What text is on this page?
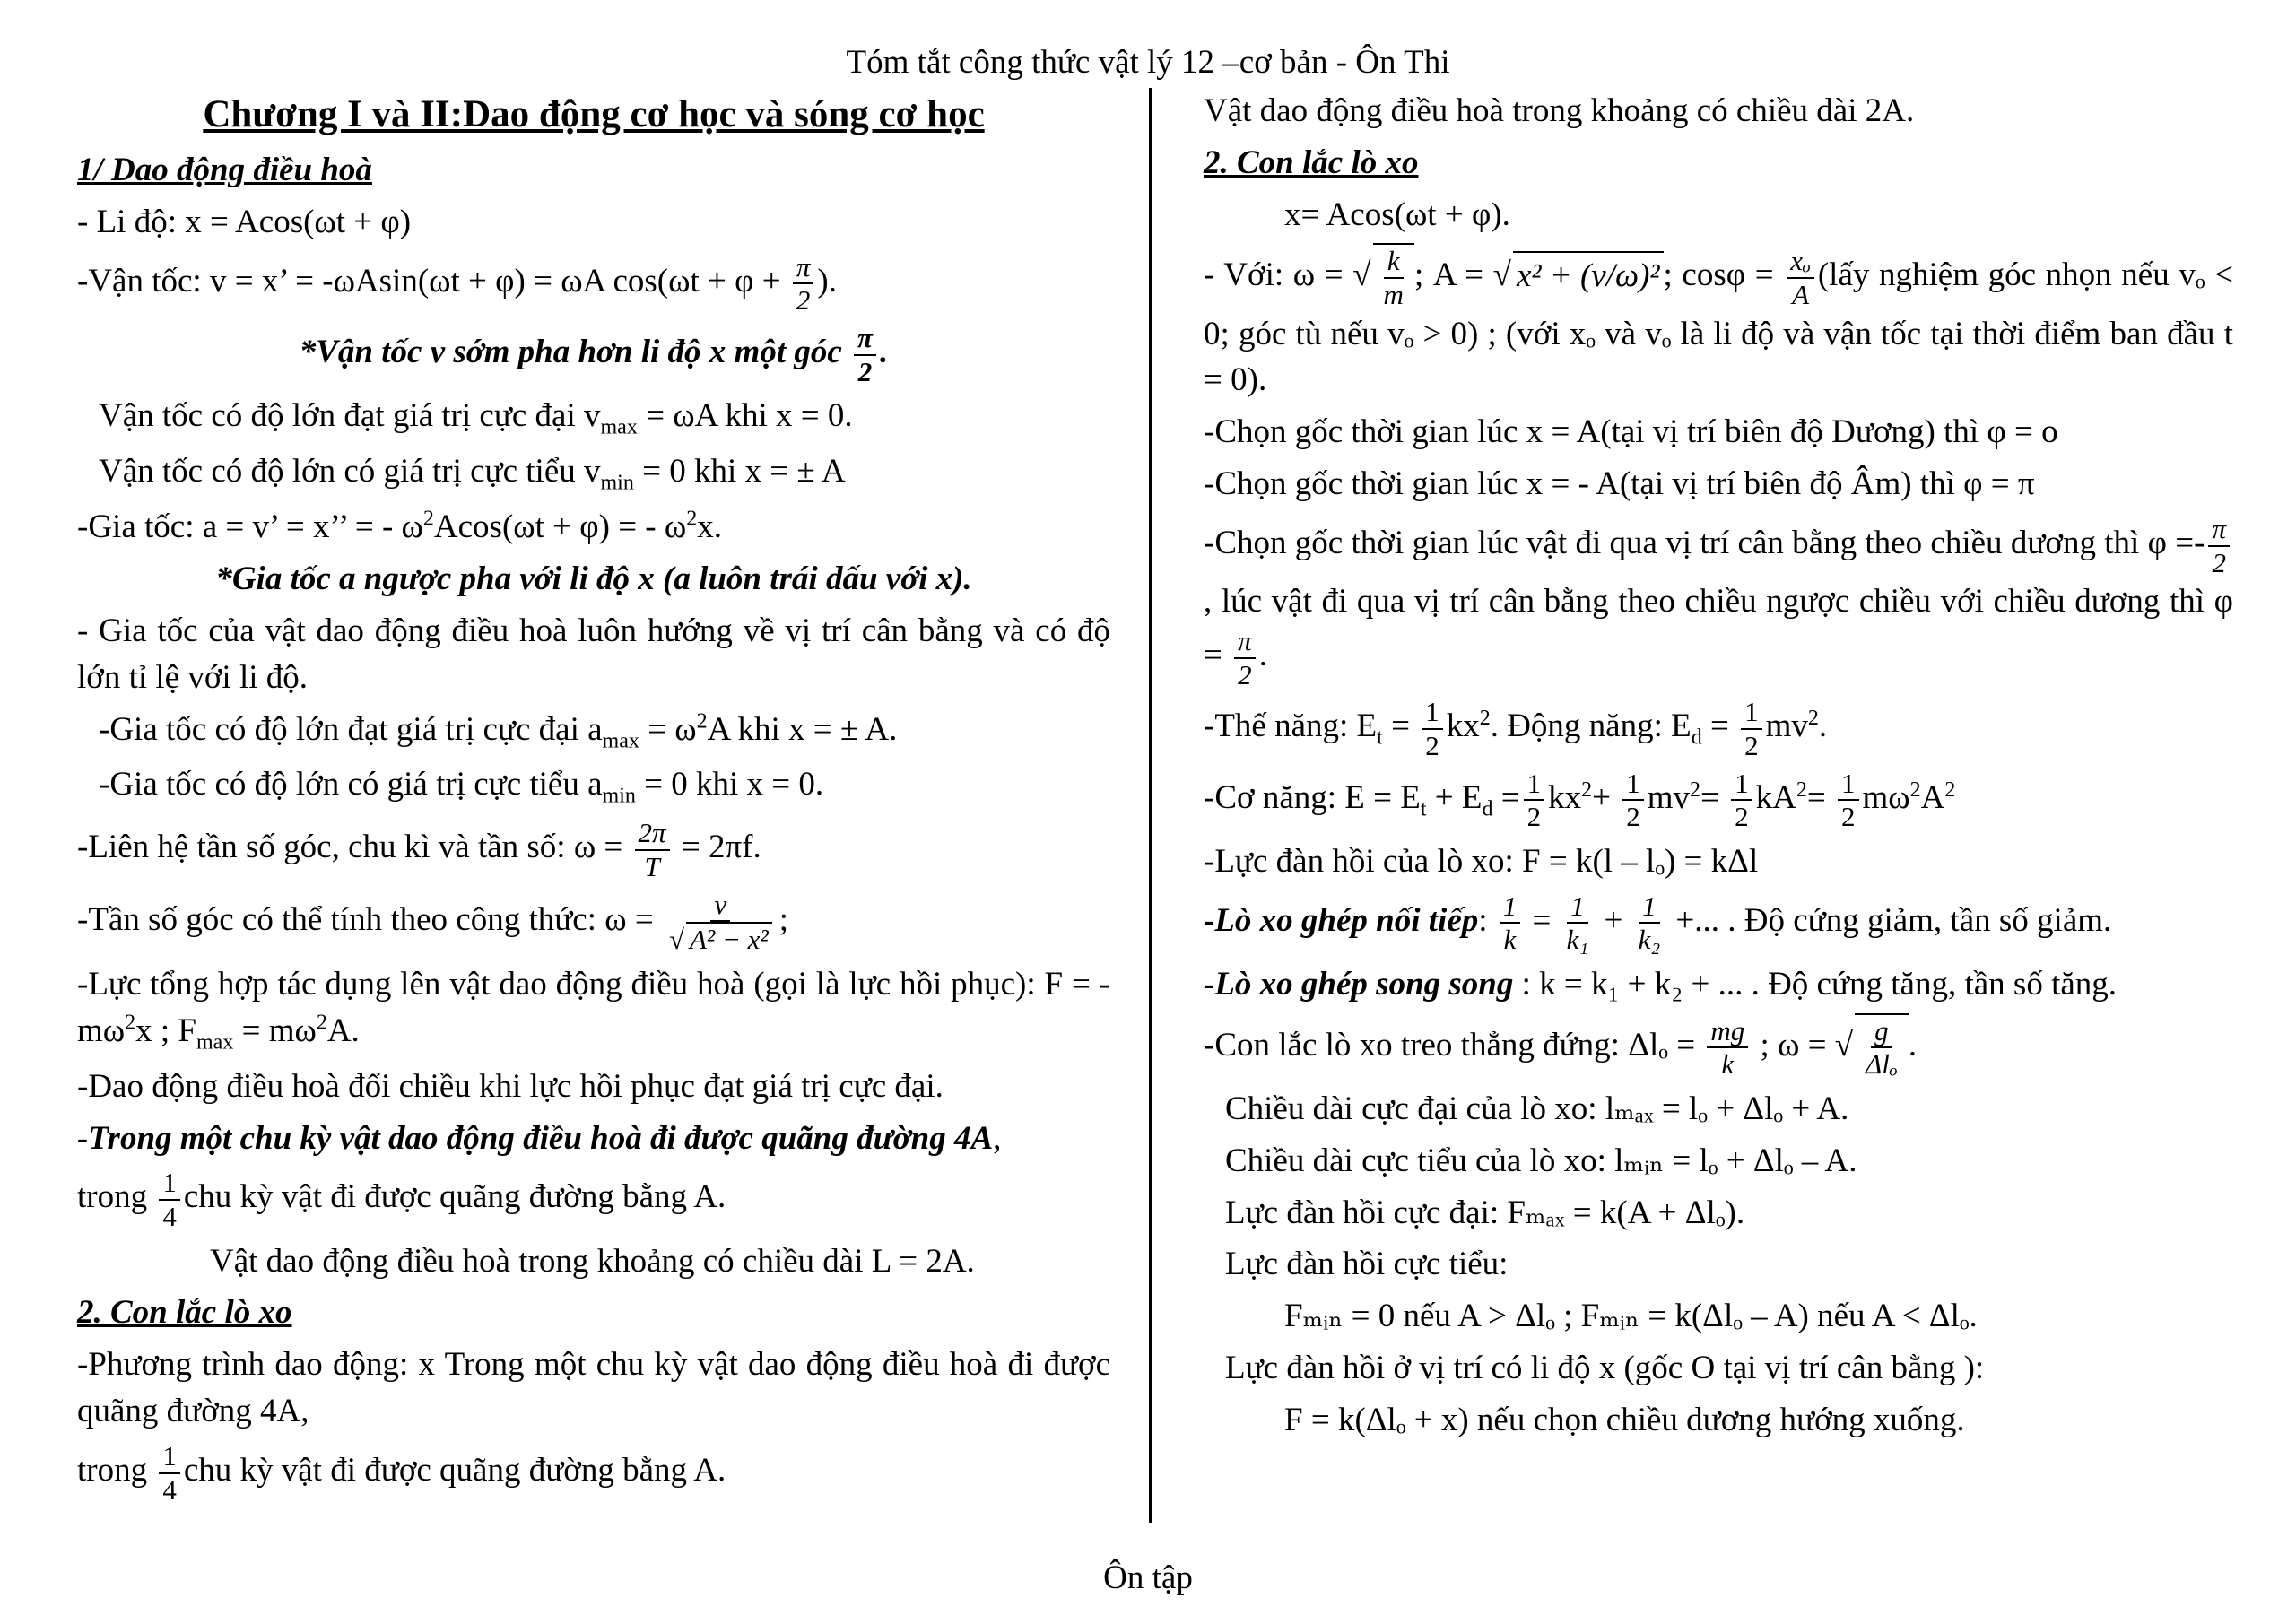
Tóm tắt công thức vật lý 12 –cơ bản - Ôn Thi

Chương I và II:Dao động cơ học và sóng cơ học

1/ Dao động điều hoà

- Li độ: x = Acos(ωt + φ)

-Vận tốc: v = x’ = -ωAsin(ωt + φ) = ωA $\cos(\omega t + \varphi + \frac{\pi}{2}$ ).

*Vận tốc v sớm pha hơn li độ x một góc $\frac{\pi}{2}$ .

Vận tốc có độ lớn đạt giá trị cực đại $v_{max} = \omega A$ khi x = 0.

Vận tốc có độ lớn có giá trị cực tiểu $v_{min} = 0$ khi x = ± A

-Gia tốc: a = v’ = x’’ = - $\omega^2Acos(\omega t + \varphi)$ = - $\omega^2x$.

*Gia tốc a ngược pha với li độ x (a luôn trái dấu với x).

- Gia tốc của vật dao động điều hoà luôn hướng về vị trí cân bằng và có độ lớn tỉ lệ với li độ.

-Gia tốc có độ lớn đạt giá trị cực đại $a_{max} = \omega^2A$ khi x = ± A.

-Gia tốc có độ lớn có giá trị cực tiểu $a_{min} = 0$ khi x = 0.

-Liên hệ tần số góc, chu kì và tần số: $\omega = \frac{2\pi}{T} = 2\pi f$.

-Tần số góc có thể tính theo công thức: $\omega = \frac{v}{\text{√ A² − x²}}$ ;

-Lực tổng hợp tác dụng lên vật dao động điều hoà (gọi là lực hồi phục): F = - $m\omega^2x$ ; $F_{max} = m\omega^2A$.

-Dao động điều hoà đổi chiều khi lực hồi phục đạt giá trị cực đại.

-Trong một chu kỳ vật dao động điều hoà đi được quãng đường 4A,

trong $\frac{1}{4}$ chu kỳ vật đi được quãng đường bằng A.

Vật dao động điều hoà trong khoảng có chiều dài L = 2A.

2. Con lắc lò xo

-Phương trình dao động: x Trong một chu kỳ vật dao động điều hoà đi được quãng đường 4A,

trong $\frac{1}{4}$ chu kỳ vật đi được quãng đường bằng A.

Vật dao động điều hoà trong khoảng có chiều dài 2A.

2. Con lắc lò xo

x= Acos(ωt + φ).

- Với: ω = √ $\frac{k}{m}$ ; A = √ x² + (v/ω)² ; $\cos\varphi = \frac{\text{xₒ}}{A}$ (lấy nghiệm góc nhọn nếu vₒ < 0; góc tù nếu vₒ > 0) ; (với xₒ và vₒ là li độ và vận tốc tại thời điểm ban đầu t = 0).

-Chọn gốc thời gian lúc x = A(tại vị trí biên độ Dương) thì φ = o

-Chọn gốc thời gian lúc x = - A(tại vị trí biên độ Âm) thì φ = π

-Chọn gốc thời gian lúc vật đi qua vị trí cân bằng theo chiều dương thì $\varphi =- \frac{\pi}{2}$
, lúc vật đi qua vị trí cân bằng theo chiều ngược chiều với chiều dương thì $\varphi = \frac{\pi}{2}$ .

-Thế năng: $E_t = \frac{1}{2} kx^2$. Động năng: $E_d = \frac{1}{2} mv^2$.

-Cơ năng: $E = E_t + E_d = \frac{1}{2} kx^2+ \frac{1}{2} mv^2= \frac{1}{2} kA^2= \frac{1}{2} m\omega^2A^2$

-Lực đàn hồi của lò xo: F = k(l – lₒ) = kΔl

-Lò xo ghép nối tiếp: $\frac{1}{k} = \frac{1}{\text{k₁}} + \frac{1}{\text{k₂}}$ +... . Độ cứng giảm, tần số giảm.

-Lò xo ghép song song : k = k₁ + k₂ + ... . Độ cứng tăng, tần số tăng.

-Con lắc lò xo treo thẳng đứng: $\Delta l_o = \frac{mg}{k}$ ; ω = √ $\frac{g}{\text{Δlₒ}}$ .

Chiều dài cực đại của lò xo: lₘₐₓ = lₒ + Δlₒ + A.

Chiều dài cực tiểu của lò xo: lₘᵢₙ = lₒ + Δlₒ – A.

Lực đàn hồi cực đại: Fₘₐₓ = k(A + Δlₒ).

Lực đàn hồi cực tiểu:

Fₘᵢₙ = 0 nếu A > Δlₒ ; Fₘᵢₙ = k(Δlₒ – A) nếu A < Δlₒ.

Lực đàn hồi ở vị trí có li độ x (gốc O tại vị trí cân bằng ):

F = k(Δlₒ + x) nếu chọn chiều dương hướng xuống.

Ôn tập
